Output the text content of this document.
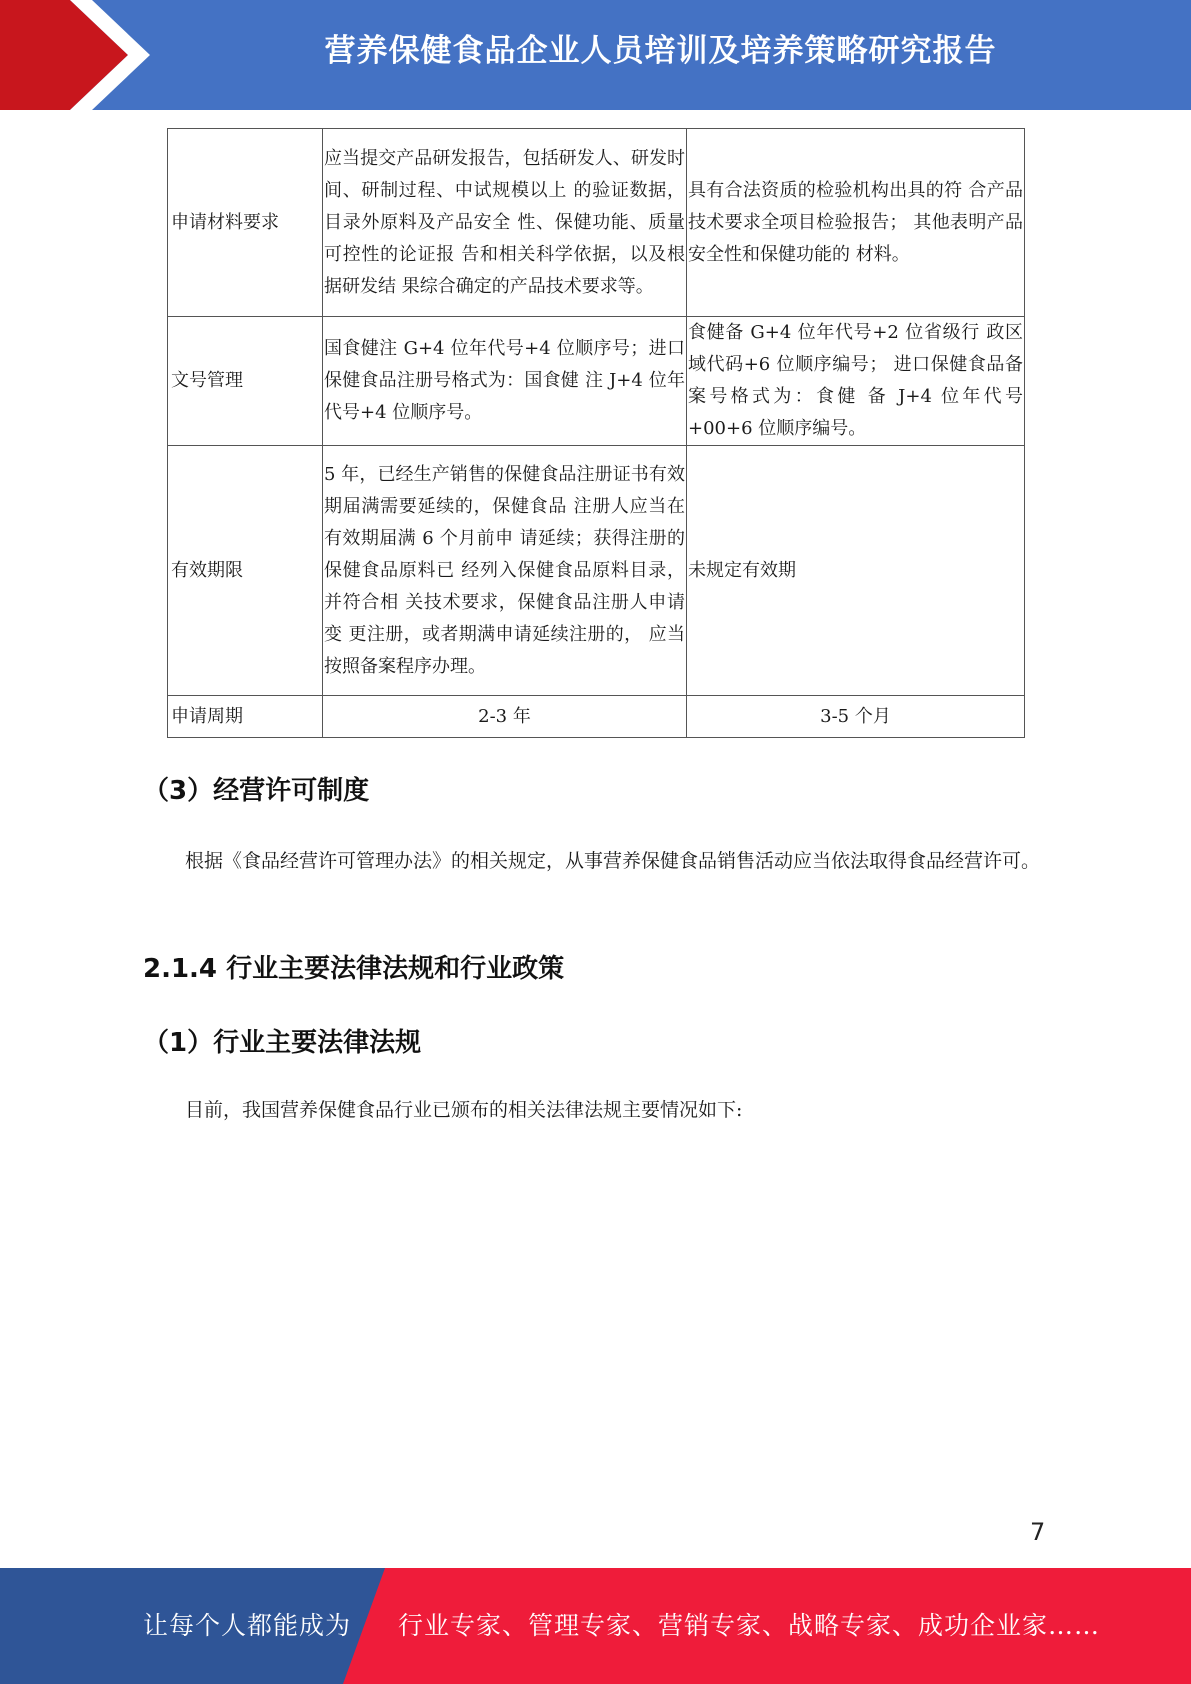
营养保健食品企业人员培训及培养策略研究报告
申请材料要求	应当提交产品研发报告，包括研发人、研发时间、研制过程、中试规模以上 的验证数据，目录外原料及产品安全 性、保健功能、质量可控性的论证报 告和相关科学依据，以及根据研发结 果综合确定的产品技术要求等。	具有合法资质的检验机构出具的符 合产品技术要求全项目检验报告； 其他表明产品安全性和保健功能的 材料。
文号管理	国食健注 G+4 位年代号+4 位顺序号；进口保健食品注册号格式为：国食健 注 J+4 位年代号+4 位顺序号。	食健备 G+4 位年代号+2 位省级行 政区域代码+6 位顺序编号； 进口保健食品备案号格式为：食健 备 J+4 位年代号+00+6 位顺序编号。
有效期限	5 年，已经生产销售的保健食品注册证书有效期届满需要延续的，保健食品 注册人应当在有效期届满 6 个月前申 请延续；获得注册的保健食品原料已 经列入保健食品原料目录，并符合相 关技术要求，保健食品注册人申请变 更注册，或者期满申请延续注册的， 应当按照备案程序办理。	未规定有效期
申请周期	2-3 年	3-5 个月
（3）经营许可制度
根据《食品经营许可管理办法》的相关规定，从事营养保健食品销售活动应当依法取得食品经营许可。
2.1.4 行业主要法律法规和行业政策
（1）行业主要法律法规
目前，我国营养保健食品行业已颁布的相关法律法规主要情况如下:
7
让每个人都能成为 行业专家、管理专家、营销专家、战略专家、成功企业家……
